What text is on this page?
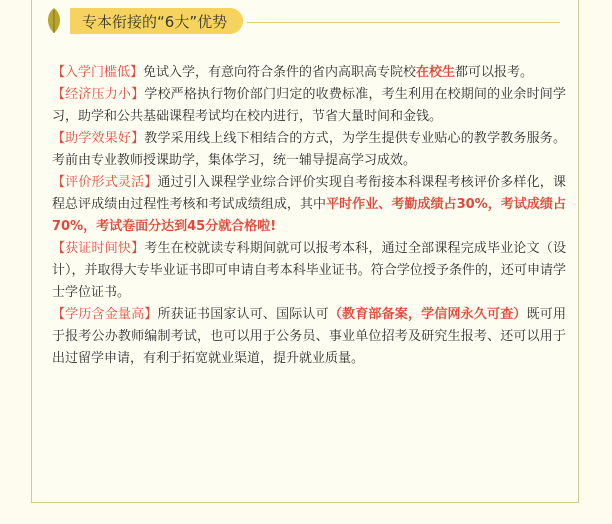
专本衔接的“6大”优势

【入学门槛低】免试入学，有意向符合条件的省内高职高专院校在校生都可以报考。

【经济压力小】学校严格执行物价部门归定的收费标准，考生利用在校期间的业余时间学习，助学和公共基础课程考试均在校内进行，节省大量时间和金钱。

【助学效果好】教学采用线上线下相结合的方式，为学生提供专业贴心的教学教务服务。考前由专业教师授课助学，集体学习，统一辅导提高学习成效。

【评价形式灵活】通过引入课程学业综合评价实现自考衔接本科课程考核评价多样化，课程总评成绩由过程性考核和考试成绩组成，其中平时作业、考勤成绩占30%，考试成绩占70%，考试卷面分达到45分就合格啦!

【获证时间快】考生在校就读专科期间就可以报考本科，通过全部课程完成毕业论文（设计），并取得大专毕业证书即可申请自考本科毕业证书。符合学位授予条件的，还可申请学士学位证书。

【学历含金量高】所获证书国家认可、国际认可（教育部备案，学信网永久可查）既可用于报考公办教师编制考试，也可以用于公务员、事业单位招考及研究生报考、还可以用于出过留学申请，有利于拓宽就业渠道，提升就业质量。
